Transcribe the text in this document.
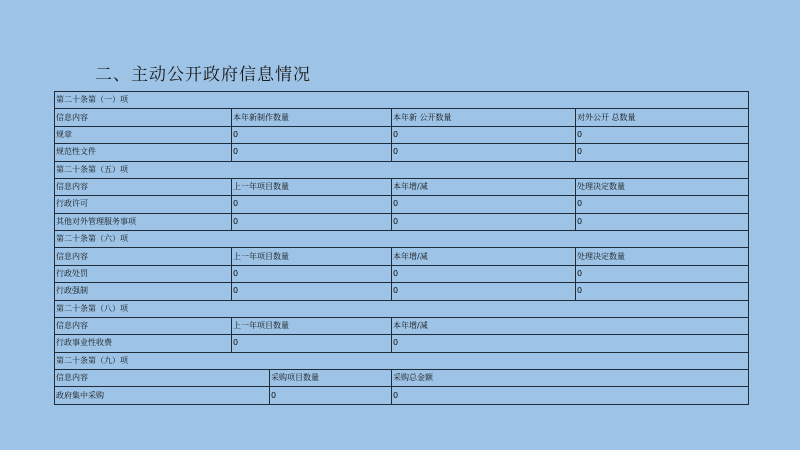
二、主动公开政府信息情况
第二十条第（一）项				
信息内容	本年新制作数量		本年新 公开数量	对外公开 总数量
规章	0		0	0
规范性文件	0		0	0
第二十条第（五）项				
信息内容	上一年项目数量		本年增/减	处理决定数量
行政许可	0		0	0
其他对外管理服务事项	0		0	0
第二十条第（六）项				
信息内容	上一年项目数量		本年增/减	处理决定数量
行政处罚	0		0	0
行政强制	0		0	0
第二十条第（八）项				
信息内容	上一年项目数量		本年增/减	
行政事业性收费	0		0	
第二十条第（九）项				
信息内容		采购项目数量	采购总金额	
政府集中采购		0	0	
